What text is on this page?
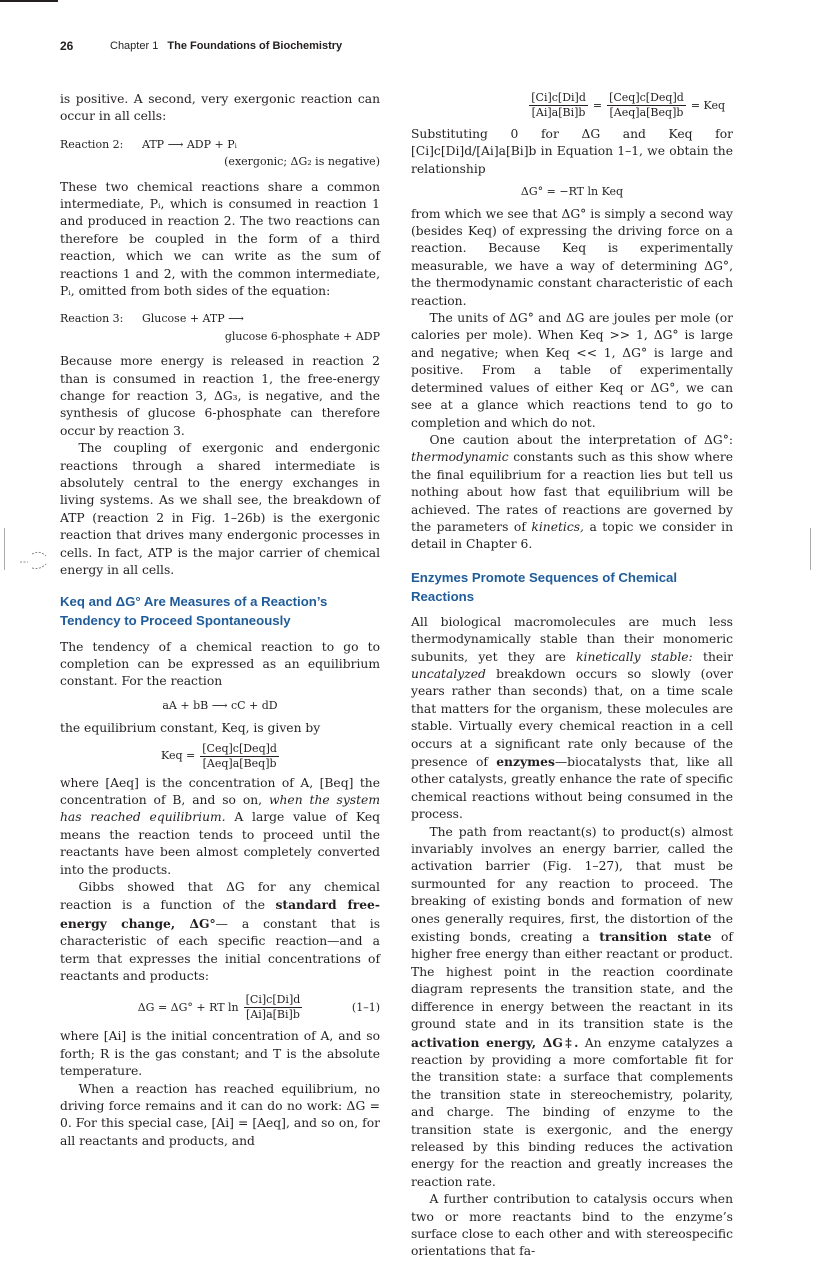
26	Chapter 1 The Foundations of Biochemistry

is positive. A second, very exergonic reaction can occur in all cells:

Reaction 2: ATP ⟶ ADP + Pᵢ
(exergonic; ΔG₂ is negative)

These two chemical reactions share a common intermediate, Pᵢ, which is consumed in reaction 1 and produced in reaction 2. The two reactions can therefore be coupled in the form of a third reaction, which we can write as the sum of reactions 1 and 2, with the common intermediate, Pᵢ, omitted from both sides of the equation:

Reaction 3: Glucose + ATP ⟶
glucose 6-phosphate + ADP

Because more energy is released in reaction 2 than is consumed in reaction 1, the free-energy change for reaction 3, ΔG₃, is negative, and the synthesis of glucose 6-phosphate can therefore occur by reaction 3.

The coupling of exergonic and endergonic reactions through a shared intermediate is absolutely central to the energy exchanges in living systems. As we shall see, the breakdown of ATP (reaction 2 in Fig. 1–26b) is the exergonic reaction that drives many endergonic processes in cells. In fact, ATP is the major carrier of chemical energy in all cells.

Keq and ΔG° Are Measures of a Reaction’s Tendency to Proceed Spontaneously

The tendency of a chemical reaction to go to completion can be expressed as an equilibrium constant. For the reaction

aA + bB ⟶ cC + dD

the equilibrium constant, Keq, is given by

Keq = $\frac{\text{[Ceq]c[Deq]d}}{\text{[Aeq]a[Beq]b}}$

where [Aeq] is the concentration of A, [Beq] the concentration of B, and so on, when the system has reached equilibrium. A large value of Keq means the reaction tends to proceed until the reactants have been almost completely converted into the products.

Gibbs showed that ΔG for any chemical reaction is a function of the standard free-energy change, ΔG°— a constant that is characteristic of each specific reaction—and a term that expresses the initial concentrations of reactants and products:

ΔG = ΔG° + RT $\ln \frac{[Ci]c[Di]d}{[Ai]a[Bi]b}$	(1–1)

where [Ai] is the initial concentration of A, and so forth; R is the gas constant; and T is the absolute temperature.

When a reaction has reached equilibrium, no driving force remains and it can do no work: ΔG = 0. For this special case, [Ai] = [Aeq], and so on, for all reactants and products, and

$\frac{[Ci]c[Di]d}{[Ai]a[Bi]b} = \frac{\text{[Ceq]c[Deq]d}}{\text{[Aeq]a[Beq]b}}$ = Keq

Substituting 0 for ΔG and Keq for [Ci]c[Di]d/[Ai]a[Bi]b in Equation 1–1, we obtain the relationship

ΔG° = −RT ln Keq

from which we see that ΔG° is simply a second way (besides Keq) of expressing the driving force on a reaction. Because Keq is experimentally measurable, we have a way of determining ΔG°, the thermodynamic constant characteristic of each reaction.

The units of ΔG° and ΔG are joules per mole (or calories per mole). When Keq >> 1, ΔG° is large and negative; when Keq << 1, ΔG° is large and positive. From a table of experimentally determined values of either Keq or ΔG°, we can see at a glance which reactions tend to go to completion and which do not.

One caution about the interpretation of ΔG°: thermodynamic constants such as this show where the final equilibrium for a reaction lies but tell us nothing about how fast that equilibrium will be achieved. The rates of reactions are governed by the parameters of kinetics, a topic we consider in detail in Chapter 6.

Enzymes Promote Sequences of Chemical Reactions

All biological macromolecules are much less thermodynamically stable than their monomeric subunits, yet they are kinetically stable: their uncatalyzed breakdown occurs so slowly (over years rather than seconds) that, on a time scale that matters for the organism, these molecules are stable. Virtually every chemical reaction in a cell occurs at a significant rate only because of the presence of enzymes—biocatalysts that, like all other catalysts, greatly enhance the rate of specific chemical reactions without being consumed in the process.

The path from reactant(s) to product(s) almost invariably involves an energy barrier, called the activation barrier (Fig. 1–27), that must be surmounted for any reaction to proceed. The breaking of existing bonds and formation of new ones generally requires, first, the distortion of the existing bonds, creating a transition state of higher free energy than either reactant or product. The highest point in the reaction coordinate diagram represents the transition state, and the difference in energy between the reactant in its ground state and in its transition state is the activation energy, ΔG‡. An enzyme catalyzes a reaction by providing a more comfortable fit for the transition state: a surface that complements the transition state in stereochemistry, polarity, and charge. The binding of enzyme to the transition state is exergonic, and the energy released by this binding reduces the activation energy for the reaction and greatly increases the reaction rate.

A further contribution to catalysis occurs when two or more reactants bind to the enzyme’s surface close to each other and with stereospecific orientations that fa-
